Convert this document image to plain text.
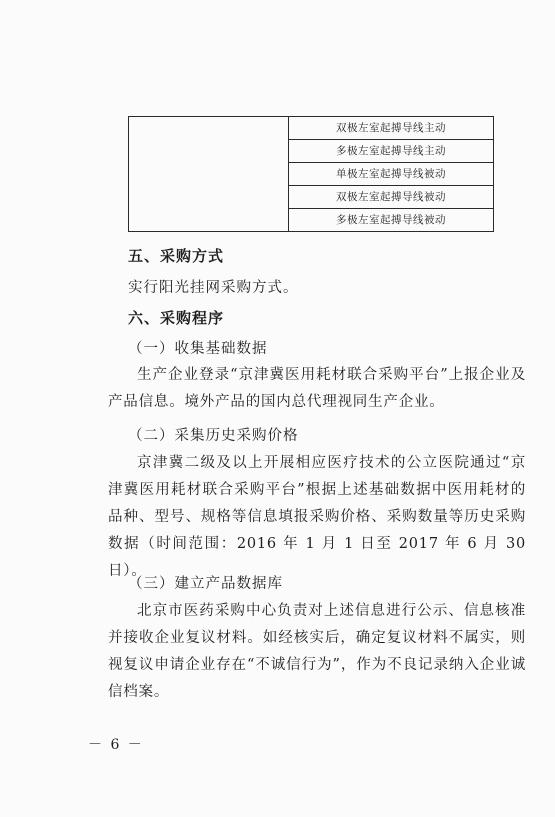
双极左室起搏导线主动
多极左室起搏导线主动
单极左室起搏导线被动
双极左室起搏导线被动
多极左室起搏导线被动
五、采购方式
实行阳光挂网采购方式。
六、采购程序
（一）收集基础数据
生产企业登录“京津冀医用耗材联合采购平台”上报企业及产品信息。境外产品的国内总代理视同生产企业。
（二）采集历史采购价格
京津冀二级及以上开展相应医疗技术的公立医院通过“京津冀医用耗材联合采购平台”根据上述基础数据中医用耗材的品种、型号、规格等信息填报采购价格、采购数量等历史采购数据（时间范围：2016 年 1 月 1 日至 2017 年 6 月 30 日）。
（三）建立产品数据库
北京市医药采购中心负责对上述信息进行公示、信息核准并接收企业复议材料。如经核实后，确定复议材料不属实，则视复议申请企业存在“不诚信行为”，作为不良记录纳入企业诚信档案。
－ 6 －
